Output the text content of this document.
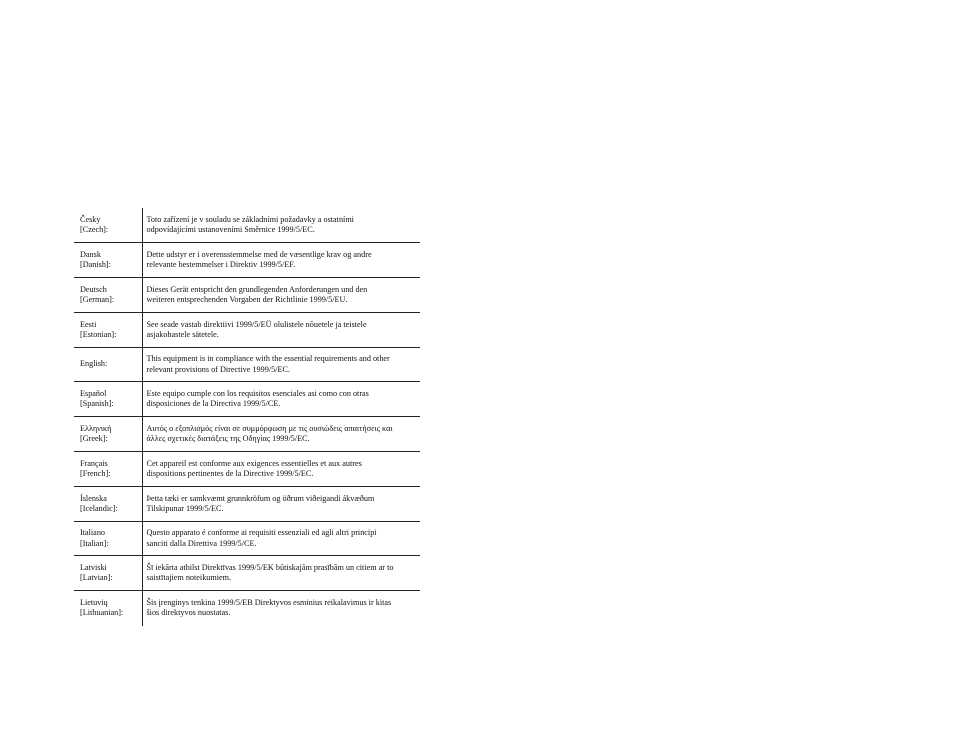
Česky
[Czech]:	Toto zařízení je v souladu se základními požadavky a ostatními
odpovídajícími ustanoveními Směrnice 1999/5/EC.

Dansk
[Danish]:	Dette udstyr er i overensstemmelse med de væsentlige krav og andre
relevante bestemmelser i Direktiv 1999/5/EF.

Deutsch
[German]:	Dieses Gerät entspricht den grundlegenden Anforderungen und den
weiteren entsprechenden Vorgaben der Richtlinie 1999/5/EU.

Eesti
[Estonian]:	See seade vastab direktiivi 1999/5/EÜ olulistele nõuetele ja teistele
asjakohastele sätetele.

English:	This equipment is in compliance with the essential requirements and other
relevant provisions of Directive 1999/5/EC.

Español
[Spanish]:	Este equipo cumple con los requisitos esenciales asi como con otras
disposiciones de la Directiva 1999/5/CE.

Ελληνική
[Greek]:	Αυτός ο εξοπλισμός είναι σε συμμόρφωση με τις ουσιώδεις απαιτήσεις και
άλλες σχετικές διατάξεις της Οδηγίας 1999/5/EC.

Français
[French]:	Cet appareil est conforme aux exigences essentielles et aux autres
dispositions pertinentes de la Directive 1999/5/EC.

Íslenska
[Icelandic]:	Þetta tæki er samkvæmt grunnkröfum og öðrum viðeigandi ákvæðum
Tilskipunar 1999/5/EC.

Italiano
[Italian]:	Questo apparato é conforme ai requisiti essenziali ed agli altri principi
sanciti dalla Direttiva 1999/5/CE.

Latviski
[Latvian]:	Šī iekārta atbilst Direktīvas 1999/5/EK būtiskajām prasībām un citiem ar to
saistītajiem noteikumiem.

Lietuvių
[Lithuanian]:	Šis įrenginys tenkina 1999/5/EB Direktyvos esminius reikalavimus ir kitas
šios direktyvos nuostatas.
